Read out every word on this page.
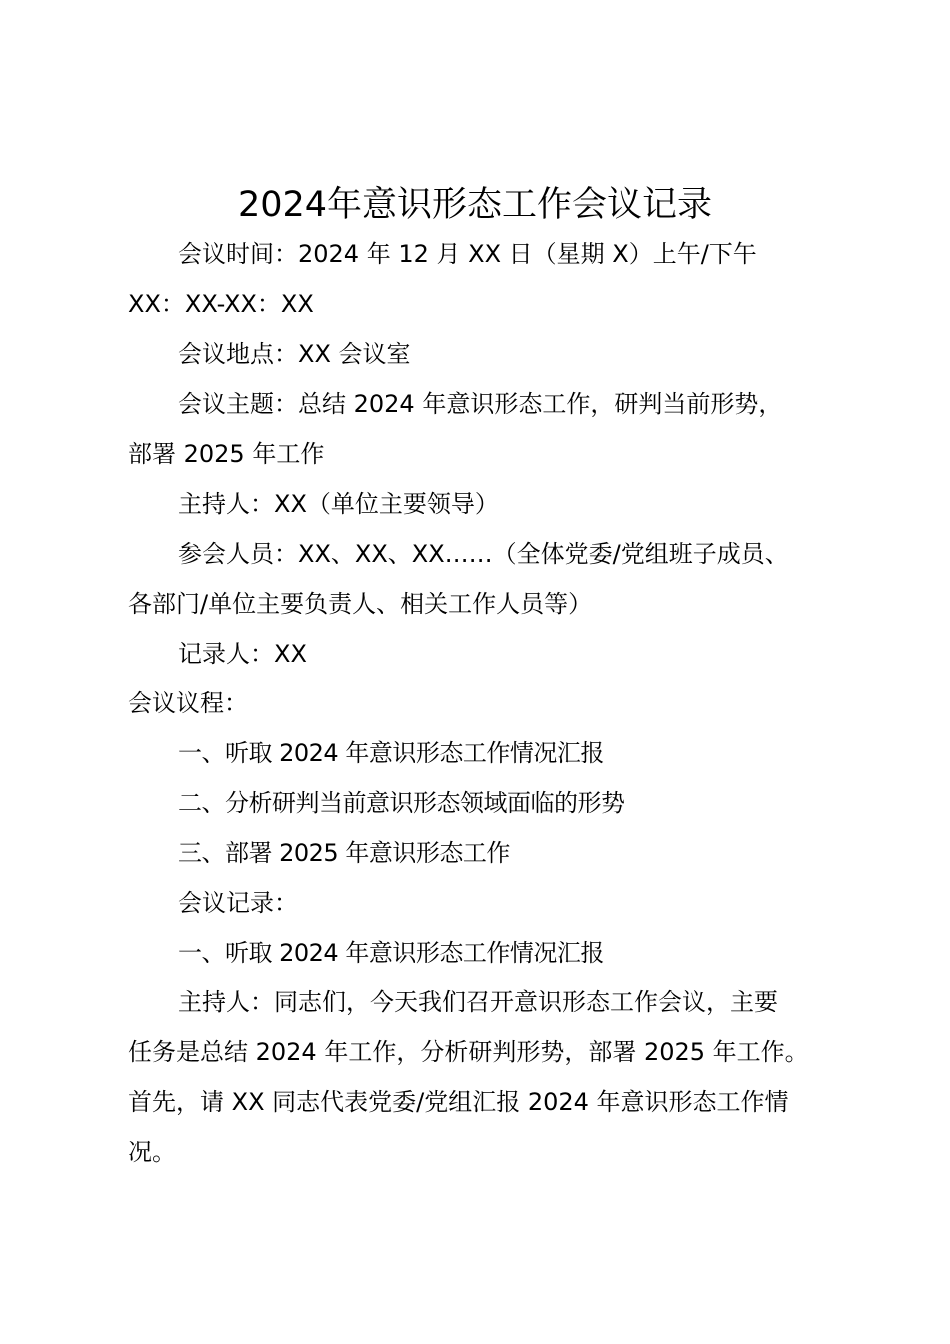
2024年意识形态工作会议记录
会议时间：2024 年 12 月 XX 日（星期 X）上午/下午
XX：XX-XX：XX
会议地点：XX 会议室
会议主题：总结 2024 年意识形态工作，研判当前形势，
部署 2025 年工作
主持人：XX（单位主要领导）
参会人员：XX、XX、XX……（全体党委/党组班子成员、
各部门/单位主要负责人、相关工作人员等）
记录人：XX
会议议程：
一、听取 2024 年意识形态工作情况汇报
二、分析研判当前意识形态领域面临的形势
三、部署 2025 年意识形态工作
会议记录：
一、听取 2024 年意识形态工作情况汇报
主持人：同志们，今天我们召开意识形态工作会议，主要
任务是总结 2024 年工作，分析研判形势，部署 2025 年工作。
首先，请 XX 同志代表党委/党组汇报 2024 年意识形态工作情
况。
